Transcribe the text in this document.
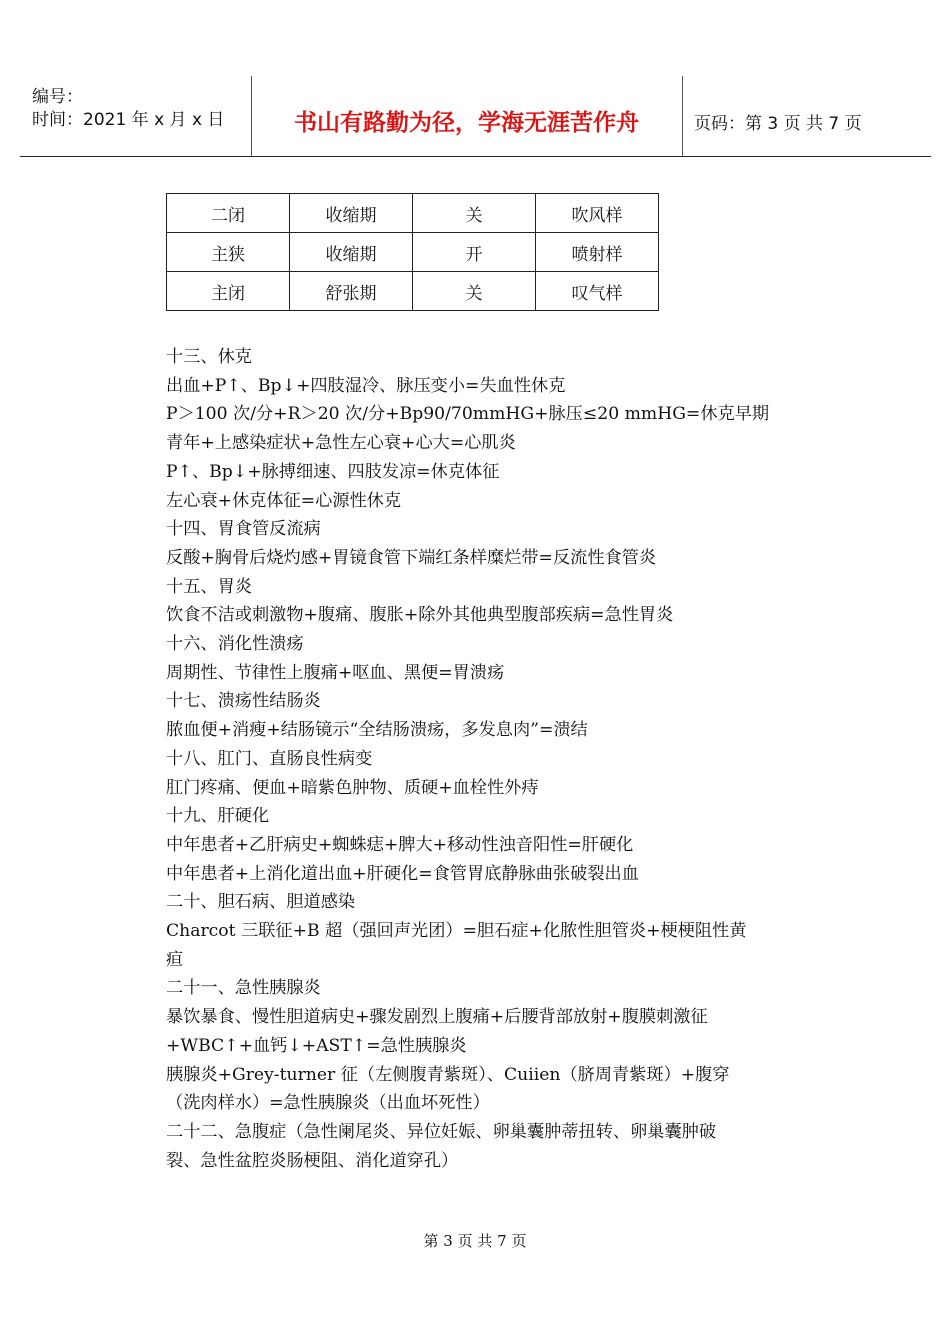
编号：
时间：2021 年 x 月 x 日	书山有路勤为径，学海无涯苦作舟	页码：第 3 页 共 7 页
二闭	收缩期	关	吹风样
主狭	收缩期	开	喷射样
主闭	舒张期	关	叹气样

十三、休克

出血+P↑、Bp↓+四肢湿冷、脉压变小=失血性休克

P＞100 次/分+R＞20 次/分+Bp90/70mmHG+脉压≤20 mmHG=休克早期

青年+上感染症状+急性左心衰+心大=心肌炎

P↑、Bp↓+脉搏细速、四肢发凉=休克体征

左心衰+休克体征=心源性休克

十四、胃食管反流病

反酸+胸骨后烧灼感+胃镜食管下端红条样糜烂带=反流性食管炎

十五、胃炎

饮食不洁或刺激物+腹痛、腹胀+除外其他典型腹部疾病=急性胃炎

十六、消化性溃疡

周期性、节律性上腹痛+呕血、黑便=胃溃疡

十七、溃疡性结肠炎

脓血便+消瘦+结肠镜示“全结肠溃疡，多发息肉”=溃结

十八、肛门、直肠良性病变

肛门疼痛、便血+暗紫色肿物、质硬+血栓性外痔

十九、肝硬化

中年患者+乙肝病史+蜘蛛痣+脾大+移动性浊音阳性=肝硬化

中年患者+上消化道出血+肝硬化=食管胃底静脉曲张破裂出血

二十、胆石病、胆道感染

Charcot 三联征+B 超（强回声光团）=胆石症+化脓性胆管炎+梗梗阻性黄

疸

二十一、急性胰腺炎

暴饮暴食、慢性胆道病史+骤发剧烈上腹痛+后腰背部放射+腹膜刺激征

+WBC↑+血钙↓+AST↑=急性胰腺炎

胰腺炎+Grey-turner 征（左侧腹青紫斑）、Cuiien（脐周青紫斑）+腹穿

（洗肉样水）=急性胰腺炎（出血坏死性）

二十二、急腹症（急性阑尾炎、异位妊娠、卵巢囊肿蒂扭转、卵巢囊肿破

裂、急性盆腔炎肠梗阻、消化道穿孔）

第 3 页 共 7 页
